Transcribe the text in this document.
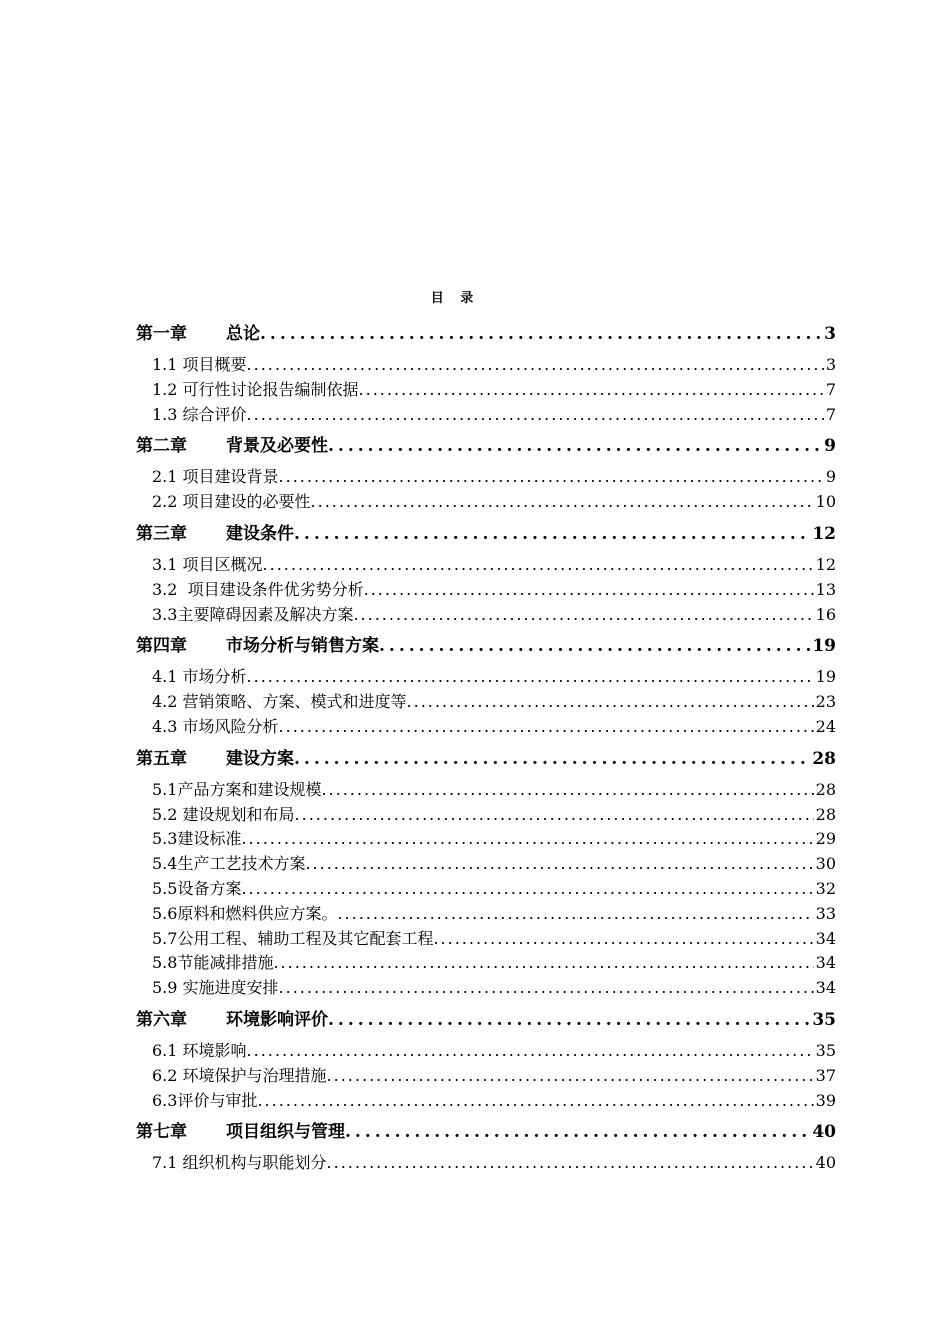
目 录
第一章 总论 .....	3
1.1 项目概要 .....	3
1.2 可行性讨论报告编制依据 .....	7
1.3 综合评价 .....	7
第二章 背景及必要性 .....	9
2.1 项目建设背景 .....	9
2.2 项目建设的必要性 .....	10
第三章 建设条件 .....	12
3.1 项目区概况 .....	12
3.2  项目建设条件优劣势分析 .....	13
3.3主要障碍因素及解决方案 .....	16
第四章 市场分析与销售方案 .....	19
4.1 市场分析 .....	19
4.2 营销策略、方案、模式和进度等 .....	23
4.3 市场风险分析 .....	24
第五章 建设方案 .....	28
5.1产品方案和建设规模 .....	28
5.2 建设规划和布局 .....	28
5.3建设标准 .....	29
5.4生产工艺技术方案 .....	30
5.5设备方案 .....	32
5.6原料和燃料供应方案。 .....	33
5.7公用工程、辅助工程及其它配套工程 .....	34
5.8节能减排措施 .....	34
5.9 实施进度安排 .....	34
第六章 环境影响评价 .....	35
6.1 环境影响 .....	35
6.2 环境保护与治理措施 .....	37
6.3评价与审批 .....	39
第七章 项目组织与管理 .....	40
7.1 组织机构与职能划分 .....	40
